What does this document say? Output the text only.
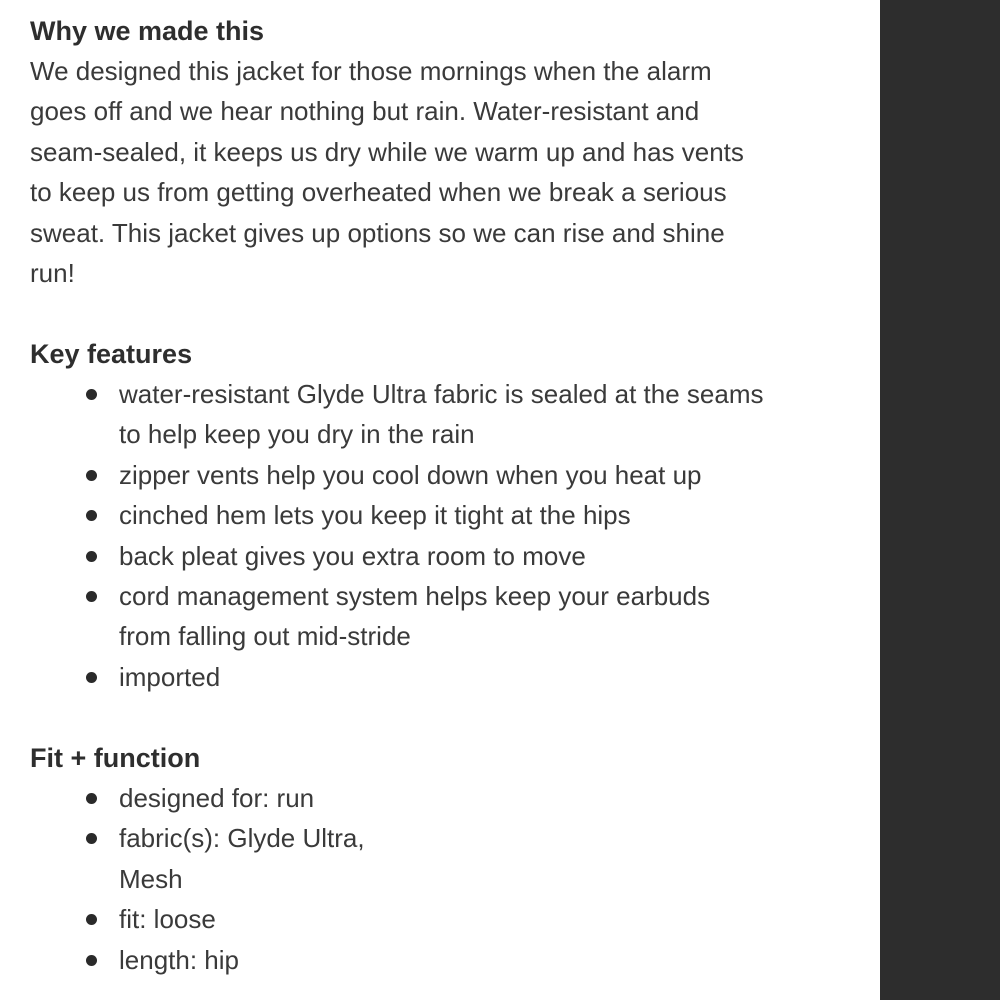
Why we made this

We designed this jacket for those mornings when the alarm
goes off and we hear nothing but rain. Water-resistant and
seam-sealed, it keeps us dry while we warm up and has vents
to keep us from getting overheated when we break a serious
sweat. This jacket gives up options so we can rise and shine
run!

Key features
water-resistant Glyde Ultra fabric is sealed at the seams
to help keep you dry in the rain
zipper vents help you cool down when you heat up
cinched hem lets you keep it tight at the hips
back pleat gives you extra room to move
cord management system helps keep your earbuds
from falling out mid-stride
imported
Fit + function
designed for: run
fabric(s): Glyde Ultra,
Mesh
fit: loose
length: hip
